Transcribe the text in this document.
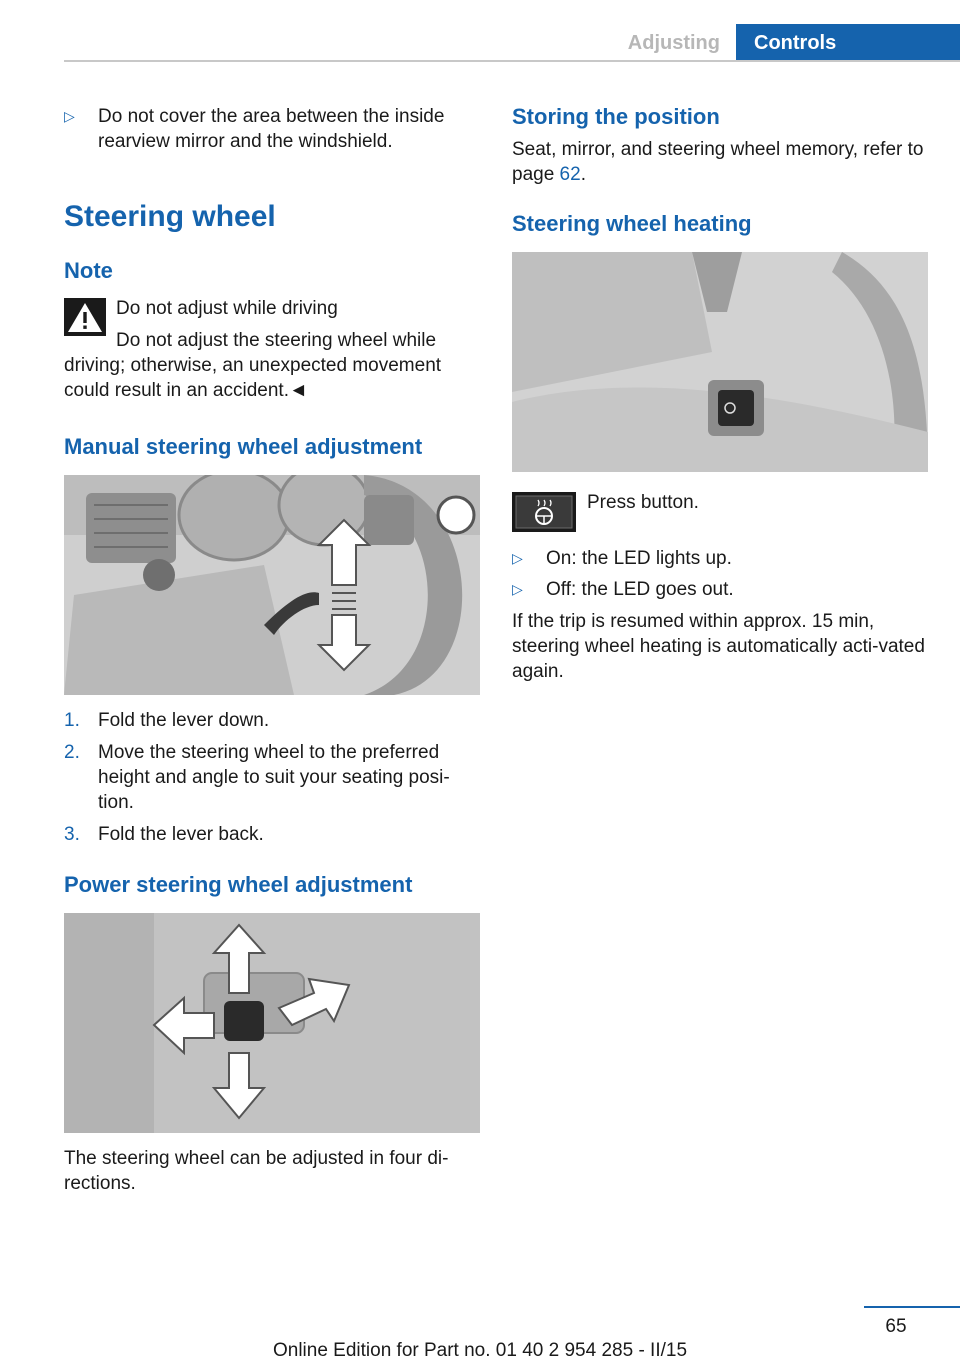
Adjusting	Controls
▷ Do not cover the area between the inside rearview mirror and the windshield.
Steering wheel
Note
Do not adjust while driving
Do not adjust the steering wheel while
driving; otherwise, an unexpected movement could result in an accident.◄
Manual steering wheel adjustment
1. Fold the lever down.
2. Move the steering wheel to the preferred height and angle to suit your seating posi-tion.
3. Fold the lever back.
Power steering wheel adjustment
The steering wheel can be adjusted in four di-rections.
Storing the position
Seat, mirror, and steering wheel memory, refer to page 62.
Steering wheel heating
Press button.
▷ On: the LED lights up.
▷ Off: the LED goes out.
If the trip is resumed within approx. 15 min, steering wheel heating is automatically acti-vated again.
65
Online Edition for Part no. 01 40 2 954 285 - II/15
